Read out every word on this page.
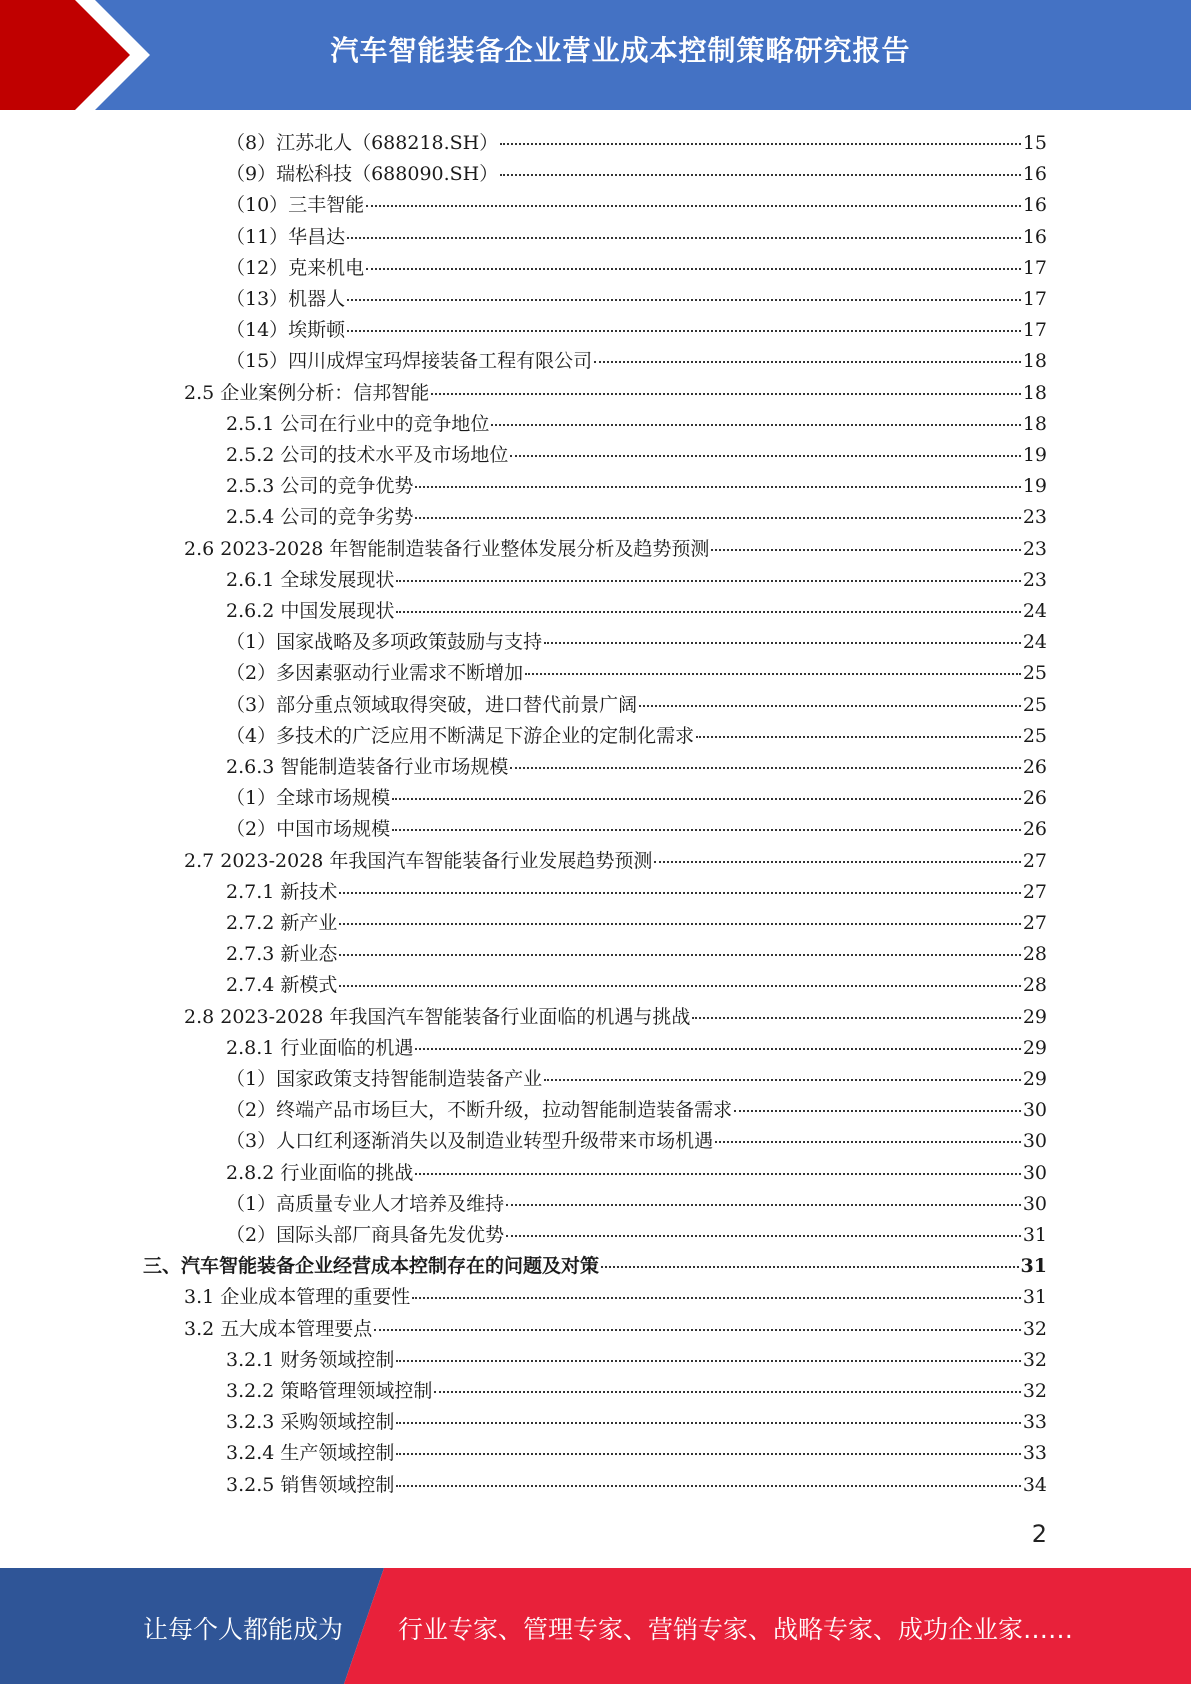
汽车智能装备企业营业成本控制策略研究报告
（8）江苏北人（688218.SH）	15
（9）瑞松科技（688090.SH）	16
（10）三丰智能	16
（11）华昌达	16
（12）克来机电	17
（13）机器人	17
（14）埃斯顿	17
（15）四川成焊宝玛焊接装备工程有限公司	18
2.5 企业案例分析：信邦智能	18
2.5.1 公司在行业中的竞争地位	18
2.5.2 公司的技术水平及市场地位	19
2.5.3 公司的竞争优势	19
2.5.4 公司的竞争劣势	23
2.6 2023-2028 年智能制造装备行业整体发展分析及趋势预测	23
2.6.1 全球发展现状	23
2.6.2 中国发展现状	24
（1）国家战略及多项政策鼓励与支持	24
（2）多因素驱动行业需求不断增加	25
（3）部分重点领域取得突破，进口替代前景广阔	25
（4）多技术的广泛应用不断满足下游企业的定制化需求	25
2.6.3 智能制造装备行业市场规模	26
（1）全球市场规模	26
（2）中国市场规模	26
2.7 2023-2028 年我国汽车智能装备行业发展趋势预测	27
2.7.1 新技术	27
2.7.2 新产业	27
2.7.3 新业态	28
2.7.4 新模式	28
2.8 2023-2028 年我国汽车智能装备行业面临的机遇与挑战	29
2.8.1 行业面临的机遇	29
（1）国家政策支持智能制造装备产业	29
（2）终端产品市场巨大，不断升级，拉动智能制造装备需求	30
（3）人口红利逐渐消失以及制造业转型升级带来市场机遇	30
2.8.2 行业面临的挑战	30
（1）高质量专业人才培养及维持	30
（2）国际头部厂商具备先发优势	31
三、汽车智能装备企业经营成本控制存在的问题及对策	31
3.1 企业成本管理的重要性	31
3.2 五大成本管理要点	32
3.2.1 财务领域控制	32
3.2.2 策略管理领域控制	32
3.2.3 采购领域控制	33
3.2.4 生产领域控制	33
3.2.5 销售领域控制	34
2
让每个人都能成为 行业专家、管理专家、营销专家、战略专家、成功企业家……
